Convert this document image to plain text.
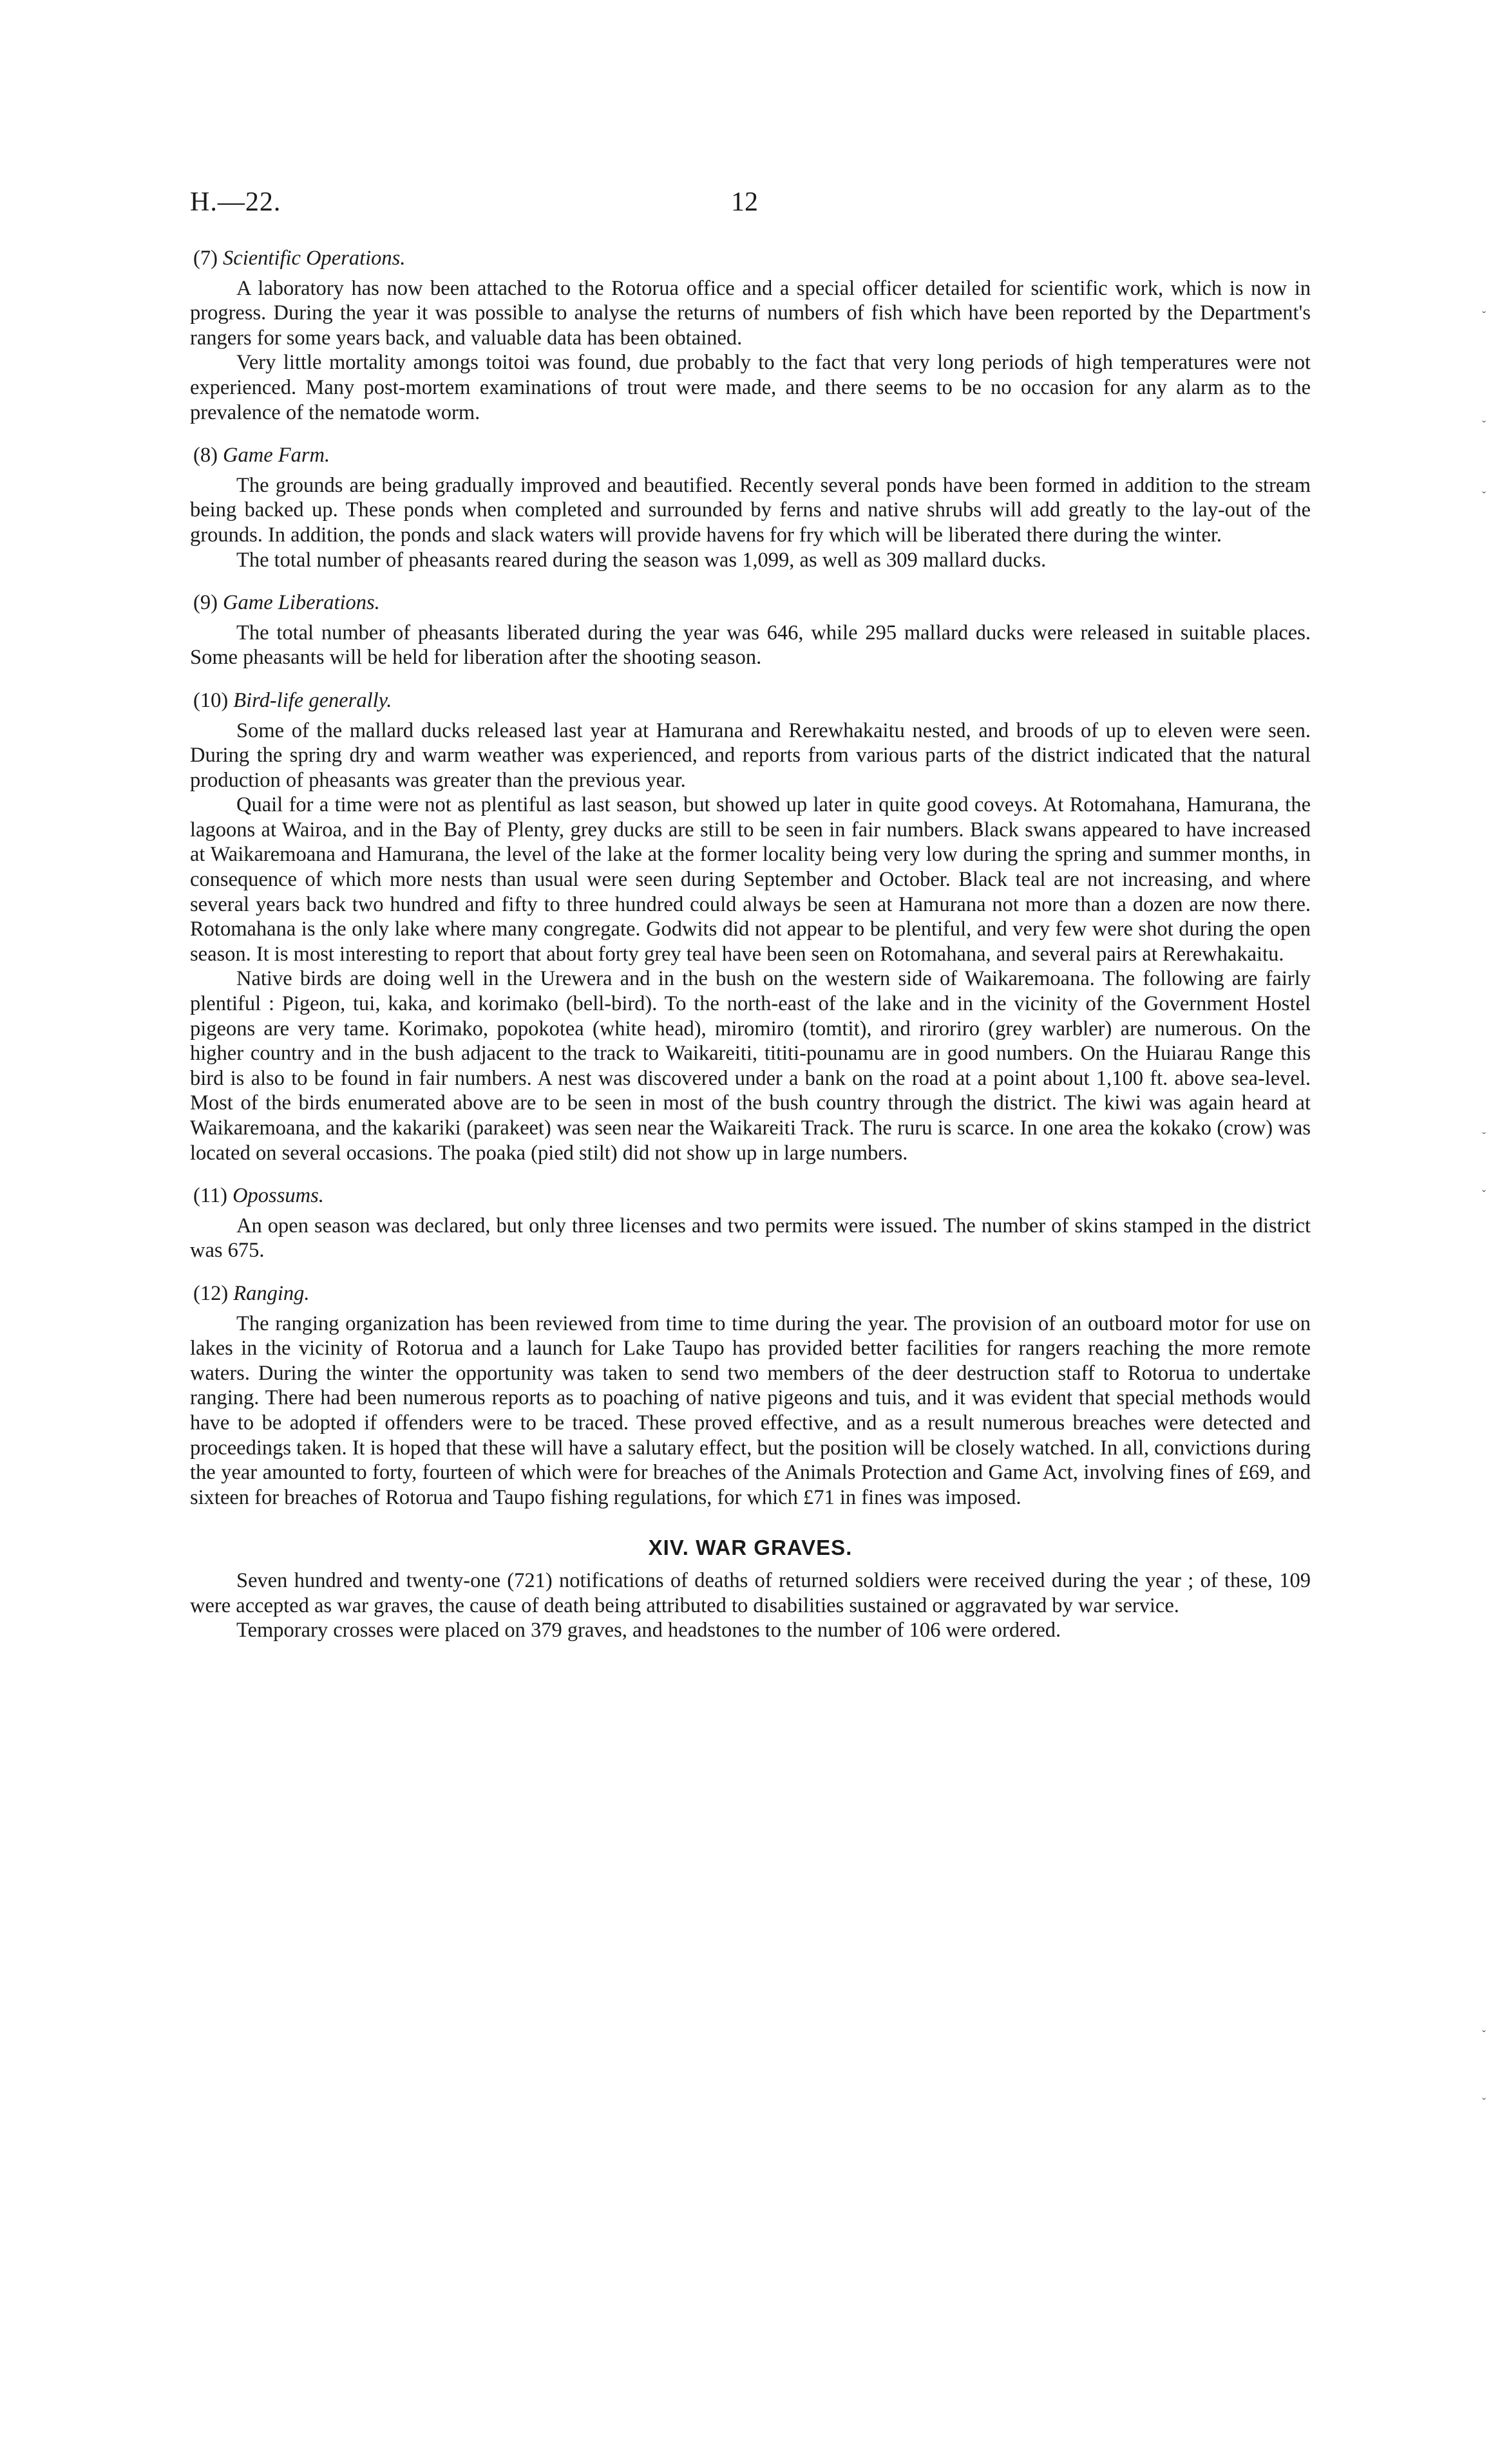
H.—22.	12

(7) Scientific Operations.

A laboratory has now been attached to the Rotorua office and a special officer detailed for scientific work, which is now in progress. During the year it was possible to analyse the returns of numbers of fish which have been reported by the Department's rangers for some years back, and valuable data has been obtained.

Very little mortality amongs toitoi was found, due probably to the fact that very long periods of high temperatures were not experienced. Many post-mortem examinations of trout were made, and there seems to be no occasion for any alarm as to the prevalence of the nematode worm.

(8) Game Farm.

The grounds are being gradually improved and beautified. Recently several ponds have been formed in addition to the stream being backed up. These ponds when completed and surrounded by ferns and native shrubs will add greatly to the lay-out of the grounds. In addition, the ponds and slack waters will provide havens for fry which will be liberated there during the winter.

The total number of pheasants reared during the season was 1,099, as well as 309 mallard ducks.

(9) Game Liberations.

The total number of pheasants liberated during the year was 646, while 295 mallard ducks were released in suitable places. Some pheasants will be held for liberation after the shooting season.

(10) Bird-life generally.

Some of the mallard ducks released last year at Hamurana and Rerewhakaitu nested, and broods of up to eleven were seen. During the spring dry and warm weather was experienced, and reports from various parts of the district indicated that the natural production of pheasants was greater than the previous year.

Quail for a time were not as plentiful as last season, but showed up later in quite good coveys. At Rotomahana, Hamurana, the lagoons at Wairoa, and in the Bay of Plenty, grey ducks are still to be seen in fair numbers. Black swans appeared to have increased at Waikaremoana and Hamurana, the level of the lake at the former locality being very low during the spring and summer months, in consequence of which more nests than usual were seen during September and October. Black teal are not increasing, and where several years back two hundred and fifty to three hundred could always be seen at Hamurana not more than a dozen are now there. Rotomahana is the only lake where many congregate. Godwits did not appear to be plentiful, and very few were shot during the open season. It is most interesting to report that about forty grey teal have been seen on Rotomahana, and several pairs at Rerewhakaitu.

Native birds are doing well in the Urewera and in the bush on the western side of Waikaremoana. The following are fairly plentiful : Pigeon, tui, kaka, and korimako (bell-bird). To the north-east of the lake and in the vicinity of the Government Hostel pigeons are very tame. Korimako, popokotea (white head), miromiro (tomtit), and riroriro (grey warbler) are numerous. On the higher country and in the bush adjacent to the track to Waikareiti, tititi-pounamu are in good numbers. On the Huiarau Range this bird is also to be found in fair numbers. A nest was discovered under a bank on the road at a point about 1,100 ft. above sea-level. Most of the birds enumerated above are to be seen in most of the bush country through the district. The kiwi was again heard at Waikaremoana, and the kakariki (parakeet) was seen near the Waikareiti Track. The ruru is scarce. In one area the kokako (crow) was located on several occasions. The poaka (pied stilt) did not show up in large numbers.

(11) Opossums.

An open season was declared, but only three licenses and two permits were issued. The number of skins stamped in the district was 675.

(12) Ranging.

The ranging organization has been reviewed from time to time during the year. The provision of an outboard motor for use on lakes in the vicinity of Rotorua and a launch for Lake Taupo has provided better facilities for rangers reaching the more remote waters. During the winter the opportunity was taken to send two members of the deer destruction staff to Rotorua to undertake ranging. There had been numerous reports as to poaching of native pigeons and tuis, and it was evident that special methods would have to be adopted if offenders were to be traced. These proved effective, and as a result numerous breaches were detected and proceedings taken. It is hoped that these will have a salutary effect, but the position will be closely watched. In all, convictions during the year amounted to forty, fourteen of which were for breaches of the Animals Protection and Game Act, involving fines of £69, and sixteen for breaches of Rotorua and Taupo fishing regulations, for which £71 in fines was imposed.

XIV. WAR GRAVES.

Seven hundred and twenty-one (721) notifications of deaths of returned soldiers were received during the year ; of these, 109 were accepted as war graves, the cause of death being attributed to disabilities sustained or aggravated by war service.

Temporary crosses were placed on 379 graves, and headstones to the number of 106 were ordered.

ˇ
ˇ
ˇ
˘
ˇ
ˇ
ˇ
